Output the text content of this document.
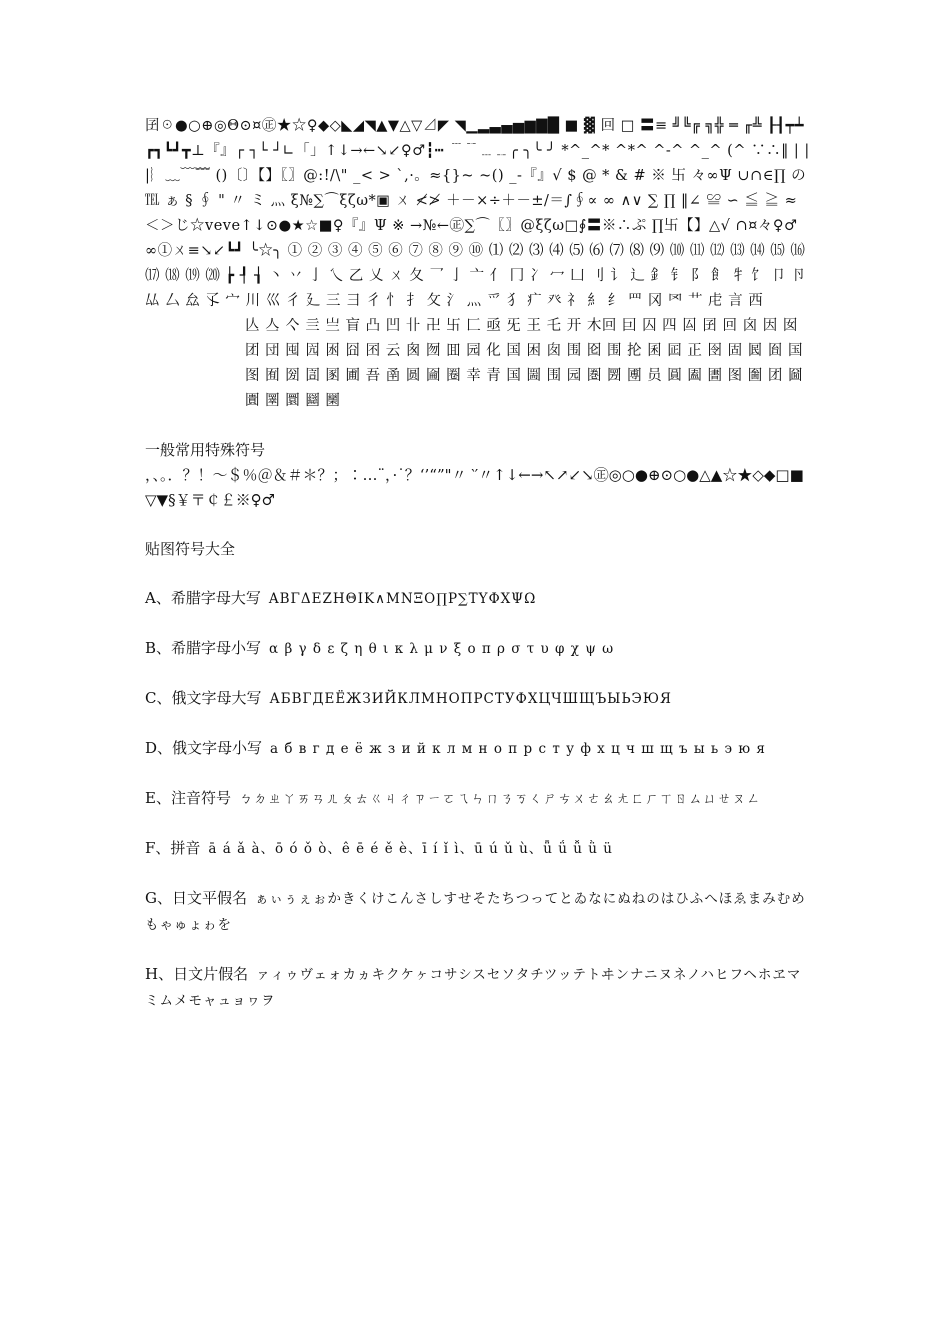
囝☉●○⊕◎Θ⊙¤㊣★☆♀◆◇◣◢◥▲▼△▽⊿◤ ◥▁▂▃▄▅▆▇█ ■ ▓ 回 □ 〓≡ ╝╚╔ ╗╬ ═ ╓╩ ┠┨┯┷┏┓┗┛┳⊥『』┌ ┐└ ┘∟「」↑↓→←↘↙♀♂┇┅ ﹉﹊﹍﹎╭ ╮╰ ╯ *^_^* ^*^ ^-^ ^_^ (^ ∵∴‖ | | |︴﹏﹋﹌ ()〔〕【】〖〗@:!/\" _< > `,·。≈{}~ ~() _-『』√ $ @ * & # ※ 卐 々∞Ψ ∪∩∈∏ の ℡ ぁ § ∮ " 〃 ミ 灬 ξ№∑⌒ξζω*▣ ㄨ ≮≯ ＋－×÷＋－±/＝∫∮∝ ∞ ∧∨ ∑ ∏ ‖∠ ≌ ∽ ≦ ≧ ≈＜＞じ☆veve↑↓⊙●★☆■♀『』Ψ ※ →№←㊣∑⌒〖〗@ξζω□∮〓※∴ぷ ∏卐【】△√ ∩¤々♀♂∞①ㄨ≡↘↙┗┛ ╰☆╮ ① ② ③ ④ ⑤ ⑥ ⑦ ⑧ ⑨ ⑩ ⑴ ⑵ ⑶ ⑷ ⑸ ⑹ ⑺ ⑻ ⑼ ⑽ ⑾ ⑿ ⒀ ⒁ ⒂ ⒃ ⒄ ⒅ ⒆ ⒇ ┢ ┦ ┧ 丶 丷 亅 乀 乙 乂 ㄨ 夂 乛 亅 亠 亻 冂 冫 冖 凵 刂 讠 辶 釒 钅 阝 飠 牜 饣 卩 卪 厸 厶 厽 孓 宀 川 巛 彳 廴 三 彐 彳 忄 扌 攵 氵 灬 爫 犭 疒 癶 礻 糹 纟 罒 冈 罓 艹 虍 言 西

亾 亼 亽 亖 亗 盲 凸 凹 卝 卍 卐 匚 亟 旡 王 乇 开 木回 囙 囚 四 囜 囝 回 囟 因 囡 团 団 囤 囥 囦 囧 囨 云 囪 囫 囬 园 化 国 困 囱 围 囵 围 抡 囷 囸 正 囹 固 囻 囼 国 图 囿 圀 圁 圂 圃 吾 圅 圆 圇 圈 幸 青 国 圌 围 园 圏 圐 圑 员 圓 圔 圕 图 圗 团 圙 圚 圛 圜 圝 圞

一般常用特殊符号

，、。．？！～＄％＠＆＃＊？；∶…¨，·˙？‘’“”"〃 ‵′〃↑↓←→↖↗↙↘㊣◎○●⊕⊙○●△▲☆★◇◆□■▽▼§￥〒￠￡※♀♂

贴图符号大全

A、希腊字母大写 ΑΒΓΔΕΖΗΘΙΚ∧ΜΝΞΟ∏Ρ∑ΤΥΦΧΨΩ

B、希腊字母小写 α β γ δ ε ζ η θ ι κ λ μ ν ξ ο π ρ σ τ υ φ χ ψ ω

C、俄文字母大写 АБВГДЕЁЖЗИЙКЛМНОПРСТУФХЦЧШЩЪЫЬЭЮЯ

D、俄文字母小写 а б в г д е ё ж з и й к л м н о п р с т у ф х ц ч ш щ ъ ы ь э ю я

E、注音符号 ㄅㄉㄓㄚㄞㄢㄦㄆㄊㄍㄐㄔㄗㄧㄛㄟㄣㄇㄋㄎㄑㄕㄘㄨㄜㄠㄤㄈㄏㄒㄖㄙㄩㄝㄡㄥ

F、拼音 ā á ǎ à、ō ó ǒ ò、ê ē é ě è、ī í ǐ ì、ū ú ǔ ù、ǖ ǘ ǚ ǜ ü

G、日文平假名 ぁぃぅぇぉかきくけこんさしすせそたちつってとゐなにぬねのはひふへほゑまみむめもゃゅょゎを

H、日文片假名 ァィゥヴェォカヵキクケヶコサシスセソタチツッテトヰンナニヌネノハヒフヘホヱマミムメモャュョヮヲ
